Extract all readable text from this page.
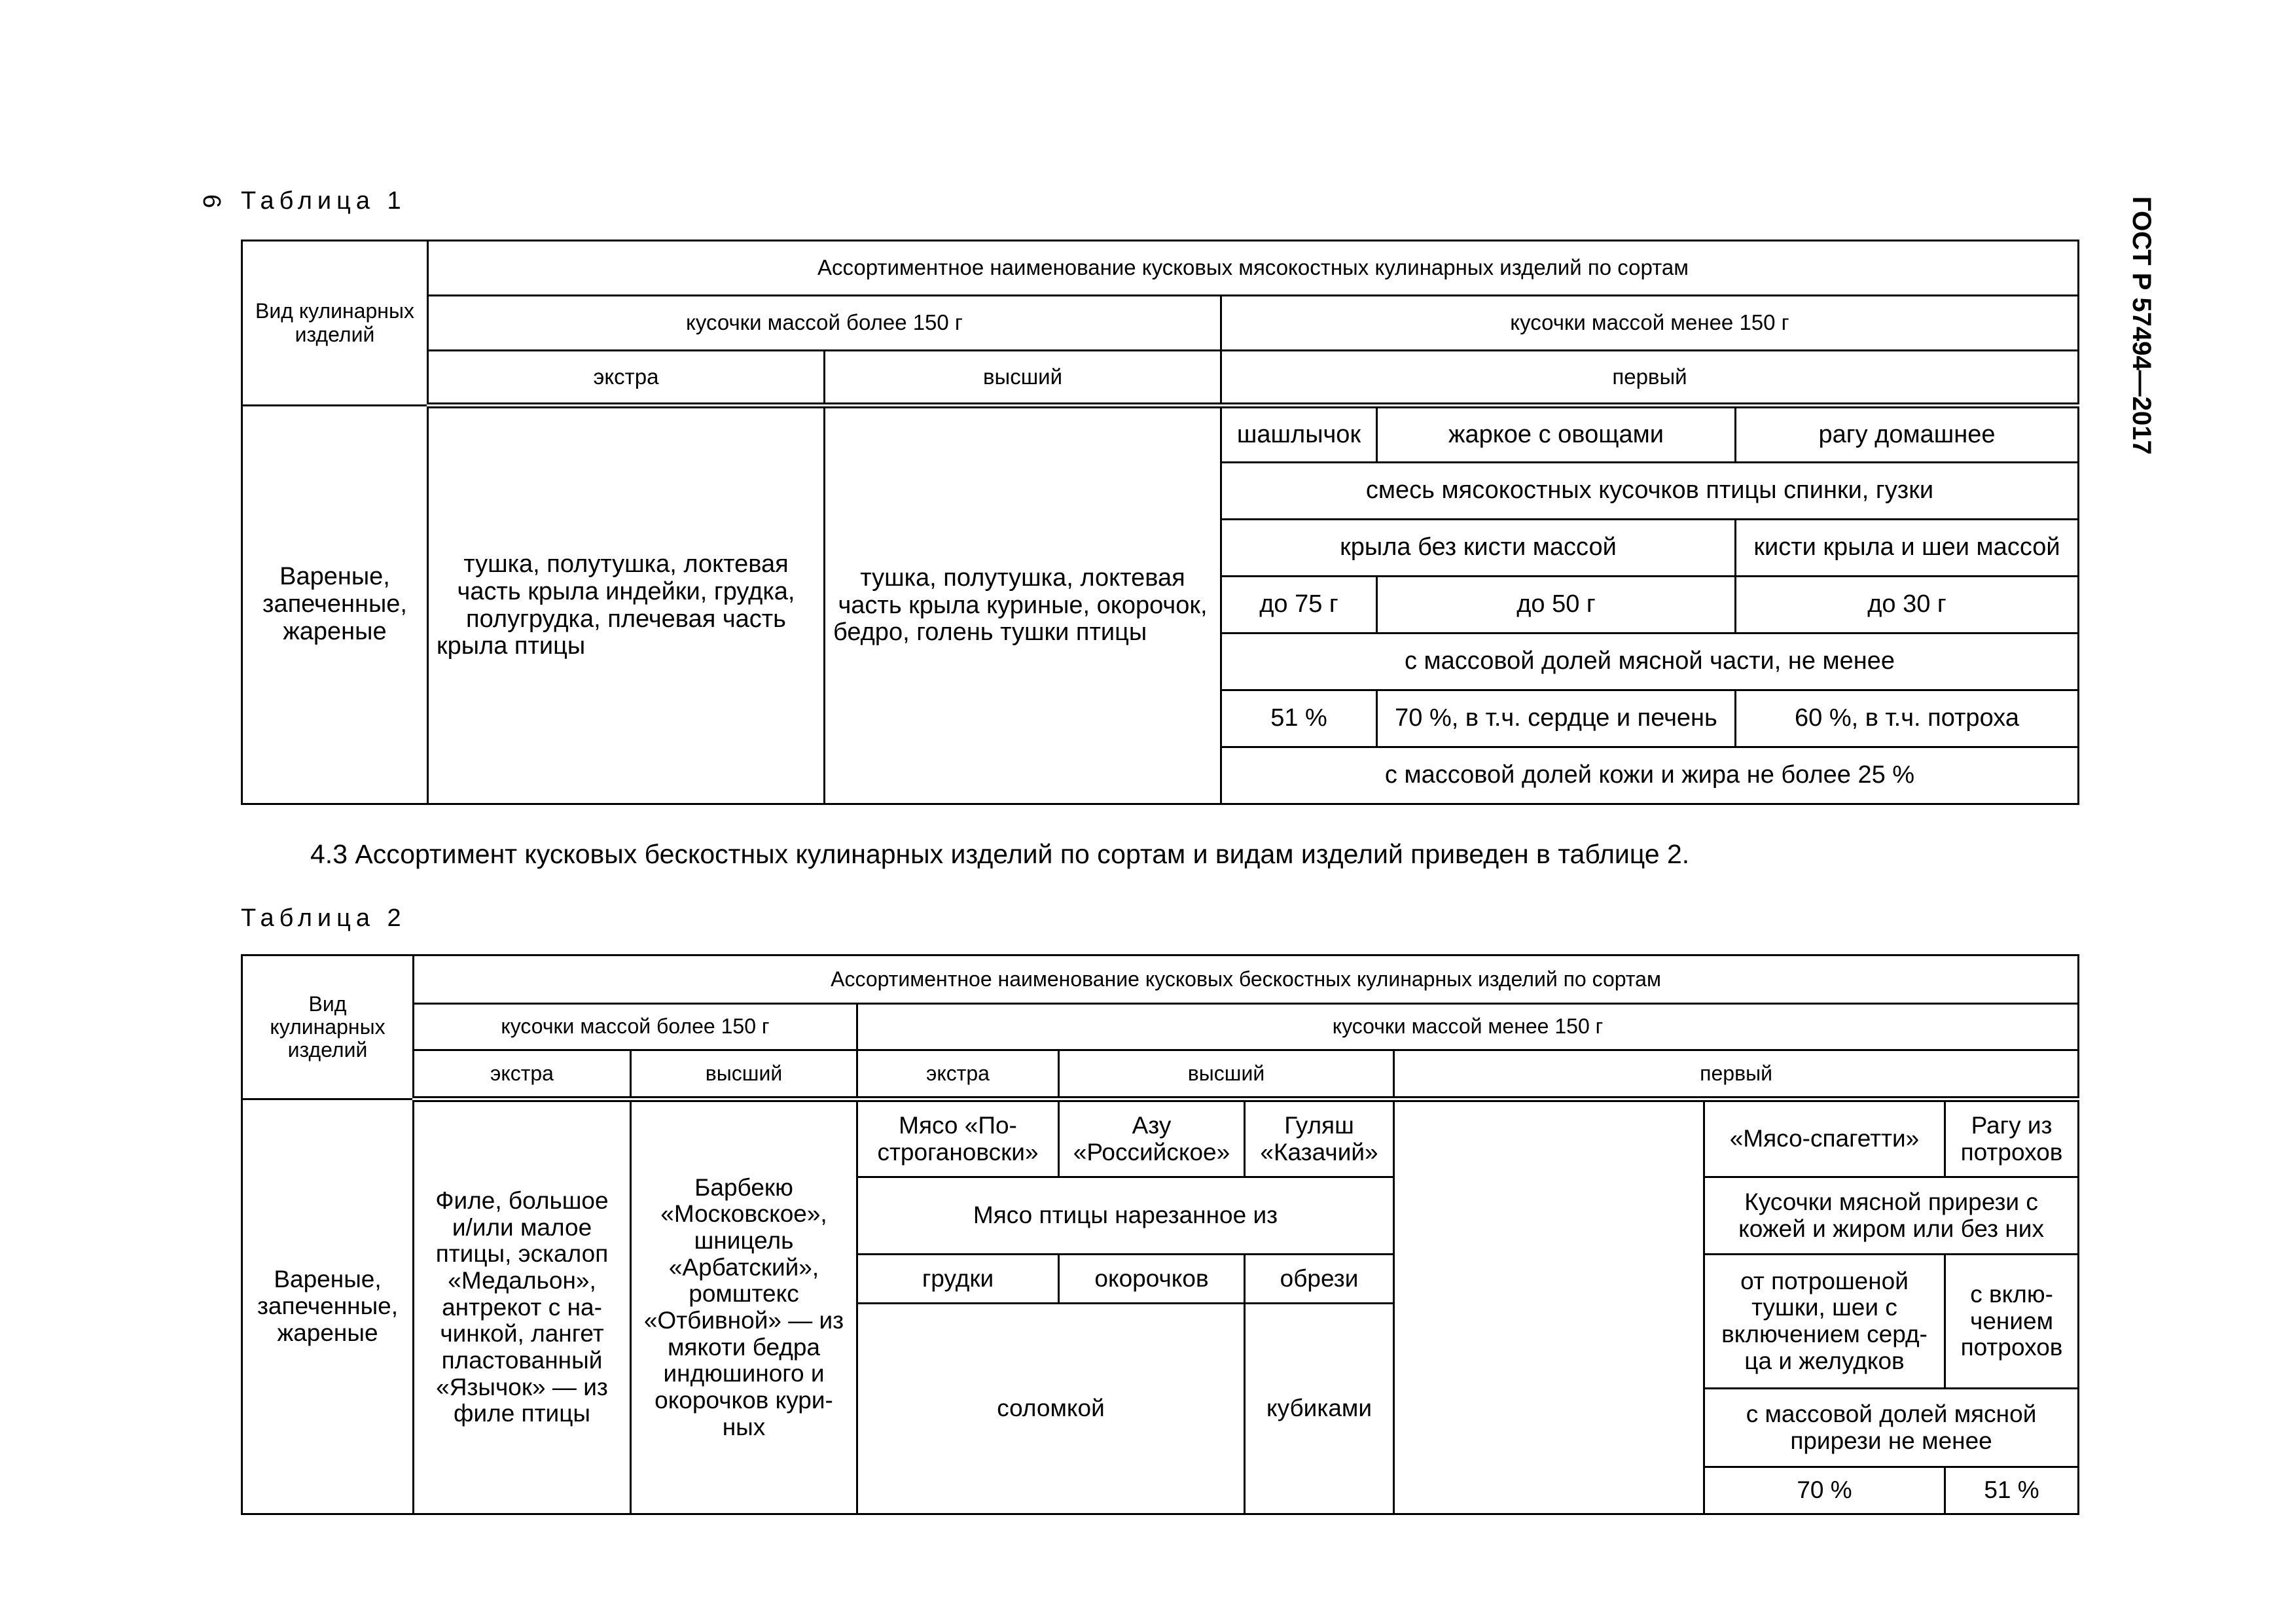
6 Таблица 1	ГОСТ Р 57494—2017
Вид кулинарных изделий	Ассортиментное наименование кусковых мясокостных кулинарных изделий по сортам				
	кусочки массой более 150 г		кусочки массой менее 150 г		
	экстра	высший	первый		
Вареные, запеченные, жареные	тушка, полутушка, локтевая часть крыла индейки, грудка, полугрудка, плечевая часть крыла птицы	тушка, полутушка, локтевая часть крыла куриные, окорочок, бедро, голень тушки птицы	шашлычок	жаркое с овощами	рагу домашнее
			смесь мясокостных кусочков птицы спинки, гузки		
			крыла без кисти массой		кисти крыла и шеи массой
			до 75 г	до 50 г	до 30 г
			с массовой долей мясной части, не менее		
			51 %	70 %, в т.ч. сердце и печень	60 %, в т.ч. потроха
			с массовой долей кожи и жира не более 25 %		
4.3 Ассортимент кусковых бескостных кулинарных изделий по сортам и видам изделий приведен в таблице 2.
Таблица 2
Вид кулинарных изделий	Ассортиментное наименование кусковых бескостных кулинарных изделий по сортам							
	кусочки массой более 150 г		кусочки массой менее 150 г					
	экстра	высший	экстра	высший		первый		
Вареные, запеченные, жареные	Филе, большое и/или малое птицы, эскалоп «Медальон», антрекот с на-чинкой, лангет пластованный «Язычок» — из филе птицы	Барбекю «Московское», шницель «Арбатский», ромштекс «Отбивной» — из мякоти бедра индюшиного и окорочков кури-ных	Мясо «По-строгановски»	Азу «Российское»	Гуляш «Казачий»		«Мясо-спагетти»	Рагу из потрохов
			Мясо птицы нарезанное из				Кусочки мясной прирези с кожей и жиром или без них	
			грудки	окорочков	обрези		от потрошеной тушки, шеи с включением серд-ца и желудков	с вклю-чением потрохов
			соломкой		кубиками			
							с массовой долей мясной прирези не менее	

							70 %	51 %
